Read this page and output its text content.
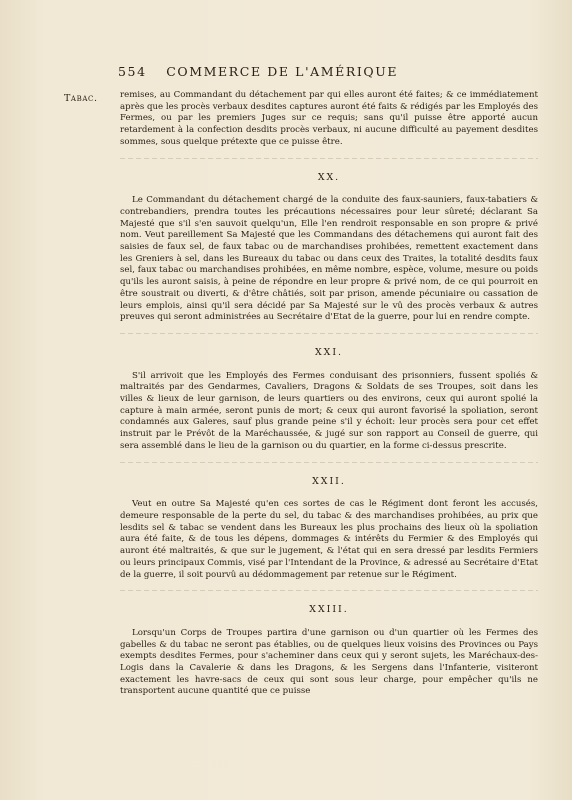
554 COMMERCE DE L'AMÉRIQUE
Tabac.	remises, au Commandant du détachement par qui elles auront été faites; & ce immédiatement après que les procès verbaux desdites captures auront été faits & rédigés par les Employés des Fermes, ou par les premiers Juges sur ce requis; sans qu'il puisse être apporté aucun retardement à la confection desdits procès verbaux, ni aucune difficulté au payement desdites sommes, sous quelque prétexte que ce puisse être.

XX.

Le Commandant du détachement chargé de la conduite des faux-sauniers, faux-tabatiers & contrebandiers, prendra toutes les précautions nécessaires pour leur sûreté; déclarant Sa Majesté que s'il s'en sauvoit quelqu'un, Elle l'en rendroit responsable en son propre & privé nom. Veut pareillement Sa Majesté que les Commandans des détachemens qui auront fait des saisies de faux sel, de faux tabac ou de marchandises prohibées, remettent exactement dans les Greniers à sel, dans les Bureaux du tabac ou dans ceux des Traites, la totalité desdits faux sel, faux tabac ou marchandises prohibées, en même nombre, espèce, volume, mesure ou poids qu'ils les auront saisis, à peine de répondre en leur propre & privé nom, de ce qui pourroit en être soustrait ou diverti, & d'être châtiés, soit par prison, amende pécuniaire ou cassation de leurs emplois, ainsi qu'il sera décidé par Sa Majesté sur le vû des procès verbaux & autres preuves qui seront administrées au Secrétaire d'Etat de la guerre, pour lui en rendre compte.

XXI.

S'il arrivoit que les Employés des Fermes conduisant des prisonniers, fussent spoliés & maltraités par des Gendarmes, Cavaliers, Dragons & Soldats de ses Troupes, soit dans les villes & lieux de leur garnison, de leurs quartiers ou des environs, ceux qui auront spolié la capture à main armée, seront punis de mort; & ceux qui auront favorisé la spoliation, seront condamnés aux Galeres, sauf plus grande peine s'il y échoit: leur procès sera pour cet effet instruit par le Prévôt de la Maréchaussée, & jugé sur son rapport au Conseil de guerre, qui sera assemblé dans le lieu de la garnison ou du quartier, en la forme ci-dessus prescrite.

XXII.

Veut en outre Sa Majesté qu'en ces sortes de cas le Régiment dont feront les accusés, demeure responsable de la perte du sel, du tabac & des marchandises prohibées, au prix que lesdits sel & tabac se vendent dans les Bureaux les plus prochains des lieux où la spoliation aura été faite, & de tous les dépens, dommages & intérêts du Fermier & des Employés qui auront été maltraités, & que sur le jugement, & l'état qui en sera dressé par lesdits Fermiers ou leurs principaux Commis, visé par l'Intendant de la Province, & adressé au Secrétaire d'Etat de la guerre, il soit pourvû au dédommagement par retenue sur le Régiment.

XXIII.

Lorsqu'un Corps de Troupes partira d'une garnison ou d'un quartier où les Fermes des gabelles & du tabac ne seront pas établies, ou de quelques lieux voisins des Provinces ou Pays exempts desdites Fermes, pour s'acheminer dans ceux qui y seront sujets, les Maréchaux-des-Logis dans la Cavalerie & dans les Dragons, & les Sergens dans l'Infanterie, visiteront exactement les havre-sacs de ceux qui sont sous leur charge, pour empêcher qu'ils ne transportent aucune quantité que ce puisse
